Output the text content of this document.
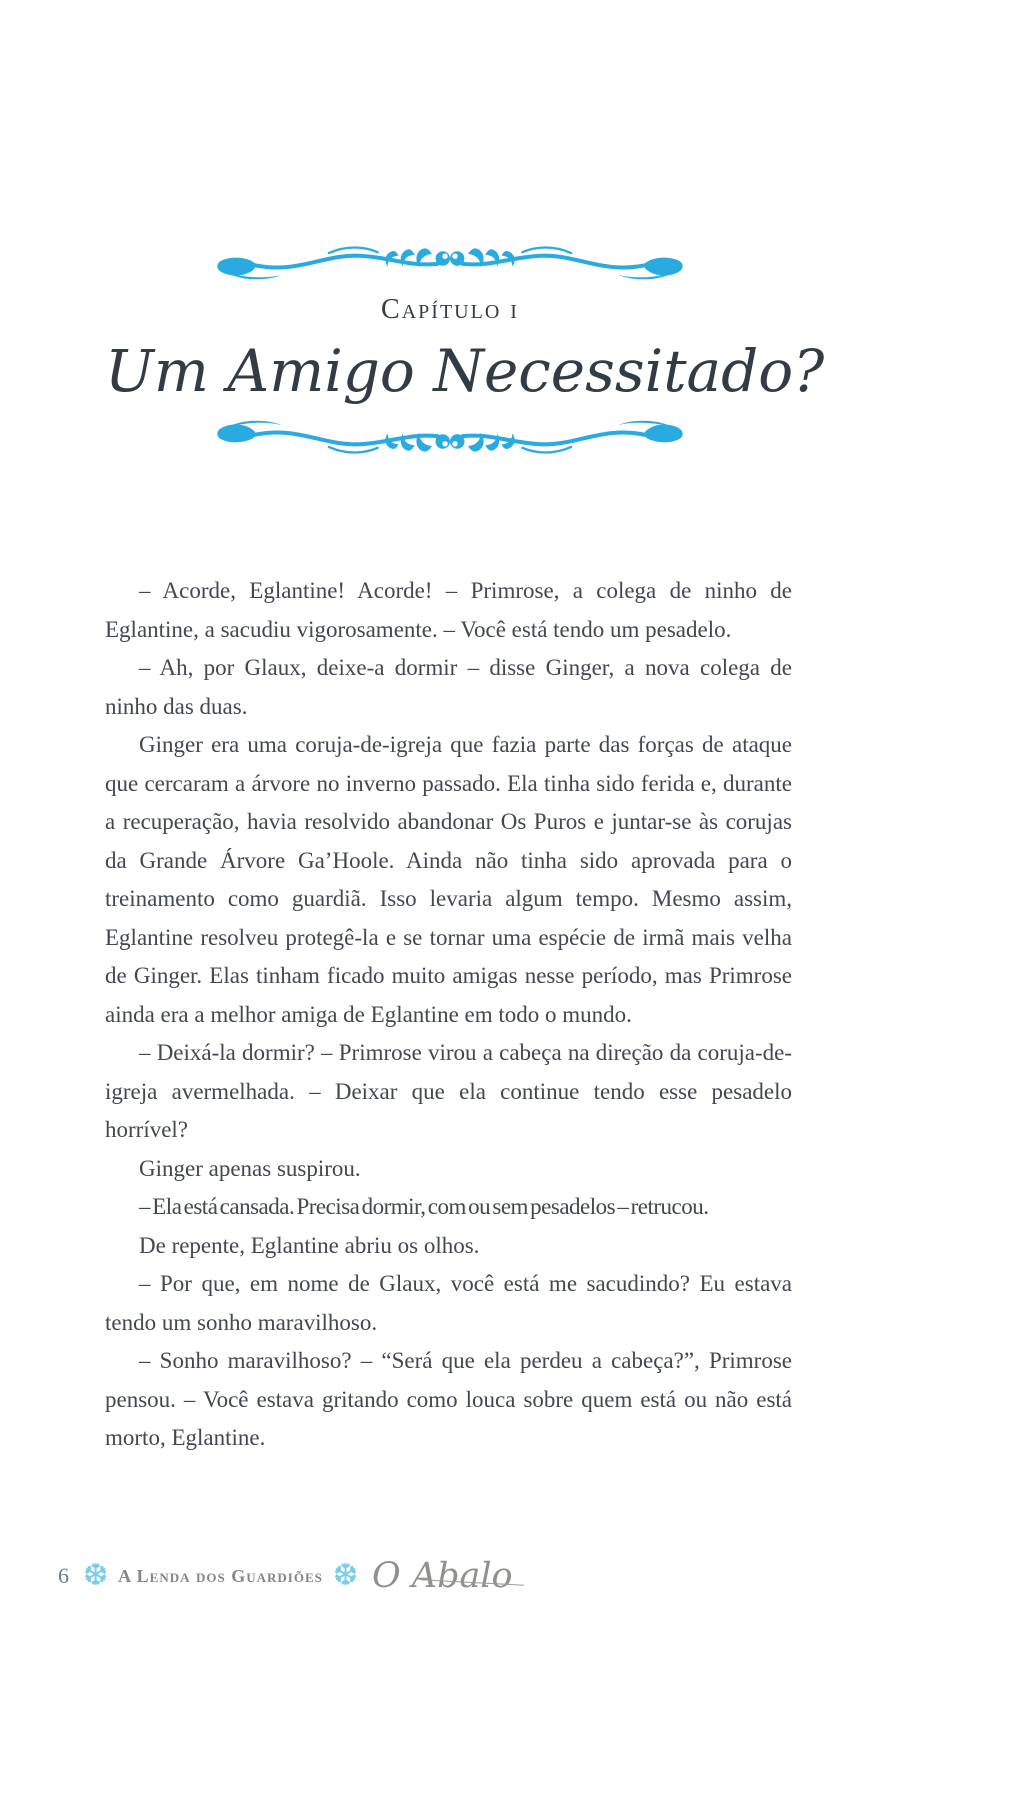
Capítulo i
Um Amigo Necessitado?

– Acorde, Eglantine! Acorde! – Primrose, a colega de ninho de Eglantine, a sacudiu vigorosamente. – Você está tendo um pesadelo.

– Ah, por Glaux, deixe-a dormir – disse Ginger, a nova colega de ninho das duas.

Ginger era uma coruja-de-igreja que fazia parte das forças de ataque que cercaram a árvore no inverno passado. Ela tinha sido ferida e, durante a recuperação, havia resolvido abandonar Os Puros e juntar-se às corujas da Grande Árvore Ga’Hoole. Ainda não tinha sido aprovada para o treinamento como guardiã. Isso levaria algum tempo. Mesmo assim, Eglantine resolveu protegê-la e se tornar uma espécie de irmã mais velha de Ginger. Elas tinham ficado muito amigas nesse período, mas Primrose ainda era a melhor amiga de Eglantine em todo o mundo.

– Deixá-la dormir? – Primrose virou a cabeça na direção da coruja-de-igreja avermelhada. – Deixar que ela continue tendo esse pesadelo horrível?

Ginger apenas suspirou.

– Ela está cansada. Precisa dormir, com ou sem pesadelos – retrucou.

De repente, Eglantine abriu os olhos.

– Por que, em nome de Glaux, você está me sacudindo? Eu estava tendo um sonho maravilhoso.

– Sonho maravilhoso? – “Será que ela perdeu a cabeça?”, Primrose pensou. – Você estava gritando como louca sobre quem está ou não está morto, Eglantine.

6 ❆ A Lenda dos Guardiões ❆ O Abalo
